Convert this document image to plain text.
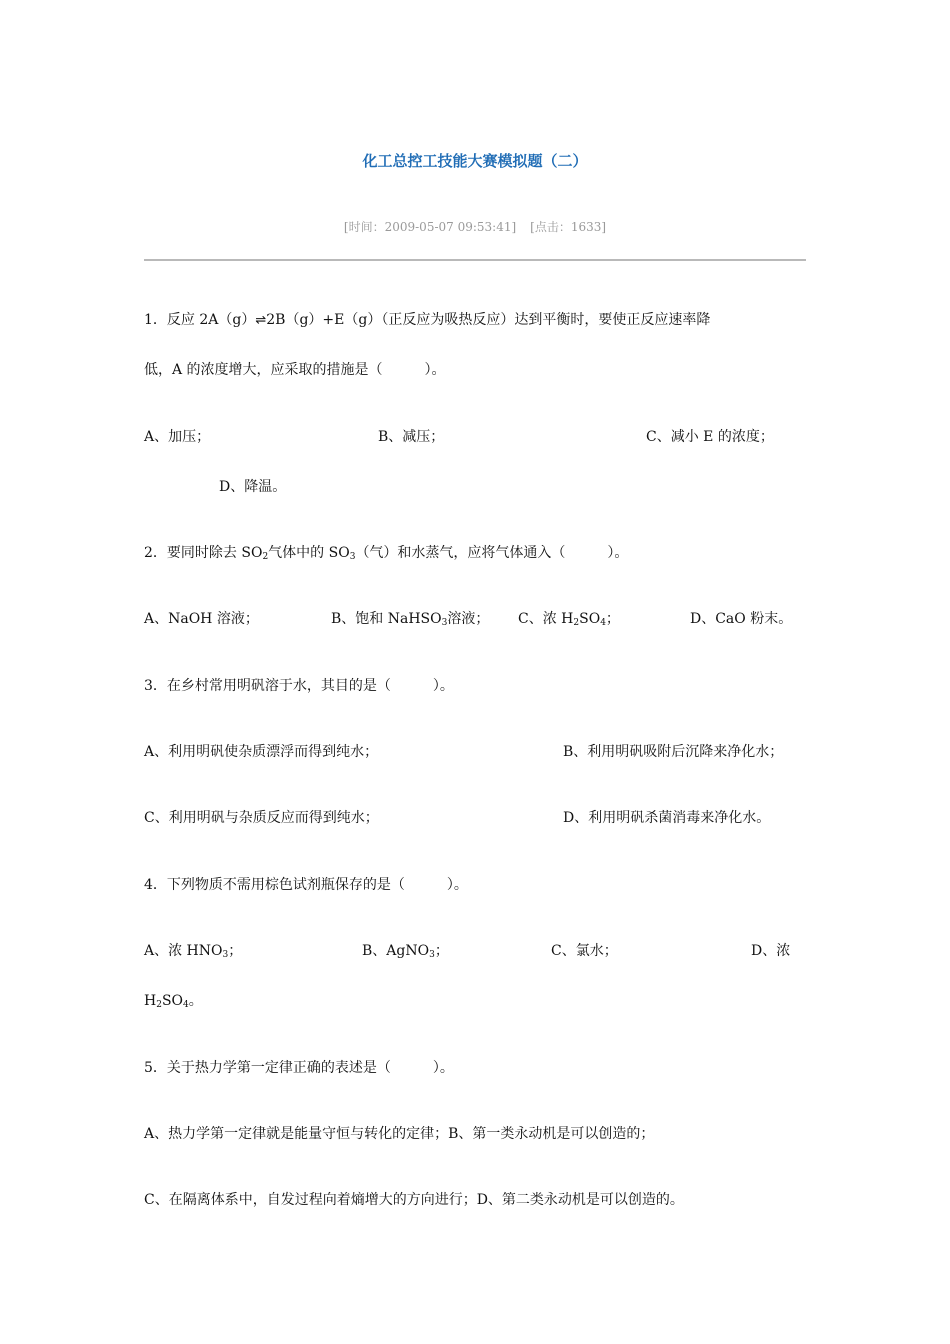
化工总控工技能大赛模拟题（二）
[时间：2009-05-07 09:53:41] [点击：1633]
1．反应 2A（g）⇌2B（g）+E（g）（正反应为吸热反应）达到平衡时，要使正反应速率降
低，A 的浓度增大，应采取的措施是（　　　）。
A、加压；	B、减压；	C、减小 E 的浓度；
D、降温。
2．要同时除去 $SO_2$气体中的 $SO_3$（气）和水蒸气，应将气体通入（　　　）。
A、NaOH 溶液；	B、饱和 NaHSO$_3$溶液； C、浓 $H_2SO_4$；	D、CaO 粉末。
3．在乡村常用明矾溶于水，其目的是（　　　）。
A、利用明矾使杂质漂浮而得到纯水；	B、利用明矾吸附后沉降来净化水；
C、利用明矾与杂质反应而得到纯水；	D、利用明矾杀菌消毒来净化水。
4．下列物质不需用棕色试剂瓶保存的是（　　　）。
A、浓 $HNO_3$；	B、AgNO$_3$；	C、氯水；	D、浓
$H_2SO_4$。
5．关于热力学第一定律正确的表述是（　　　）。
A、热力学第一定律就是能量守恒与转化的定律；B、第一类永动机是可以创造的；
C、在隔离体系中，自发过程向着熵增大的方向进行；D、第二类永动机是可以创造的。
